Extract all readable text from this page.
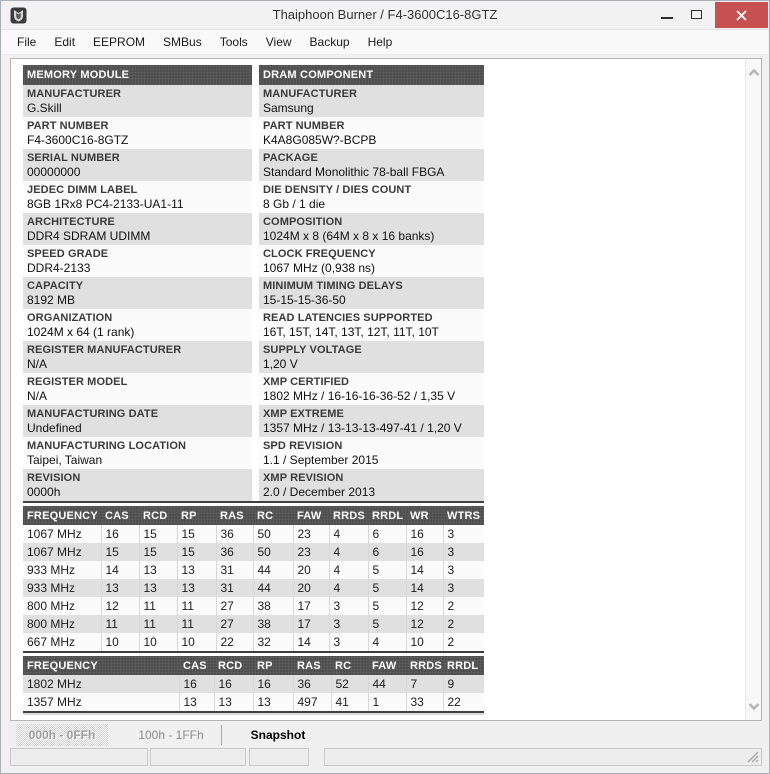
Thaiphoon Burner / F4-3600C16-8GTZ
File	Edit	EEPROM	SMBus	Tools	View	Backup	Help
MEMORY MODULE
MANUFACTURER
G.Skill
PART NUMBER
F4-3600C16-8GTZ
SERIAL NUMBER
00000000
JEDEC DIMM LABEL
8GB 1Rx8 PC4-2133-UA1-11
ARCHITECTURE
DDR4 SDRAM UDIMM
SPEED GRADE
DDR4-2133
CAPACITY
8192 MB
ORGANIZATION
1024M x 64 (1 rank)
REGISTER MANUFACTURER
N/A
REGISTER MODEL
N/A
MANUFACTURING DATE
Undefined
MANUFACTURING LOCATION
Taipei, Taiwan
REVISION
0000h
DRAM COMPONENT
MANUFACTURER
Samsung
PART NUMBER
K4A8G085W?-BCPB
PACKAGE
Standard Monolithic 78-ball FBGA
DIE DENSITY / DIES COUNT
8 Gb / 1 die
COMPOSITION
1024M x 8 (64M x 8 x 16 banks)
CLOCK FREQUENCY
1067 MHz (0,938 ns)
MINIMUM TIMING DELAYS
15-15-15-36-50
READ LATENCIES SUPPORTED
16T, 15T, 14T, 13T, 12T, 11T, 10T
SUPPLY VOLTAGE
1,20 V
XMP CERTIFIED
1802 MHz / 16-16-16-36-52 / 1,35 V
XMP EXTREME
1357 MHz / 13-13-13-497-41 / 1,20 V
SPD REVISION
1.1 / September 2015
XMP REVISION
2.0 / December 2013
FREQUENCY	CAS	RCD	RP	RAS	RC	FAW	RRDS	RRDL	WR	WTRS
1067 MHz	16	15	15	36	50	23	4	6	16	3
1067 MHz	15	15	15	36	50	23	4	6	16	3
933 MHz	14	13	13	31	44	20	4	5	14	3
933 MHz	13	13	13	31	44	20	4	5	14	3
800 MHz	12	11	11	27	38	17	3	5	12	2
800 MHz	11	11	11	27	38	17	3	5	12	2
667 MHz	10	10	10	22	32	14	3	4	10	2
FREQUENCY	CAS	RCD	RP	RAS	RC	FAW	RRDS	RRDL
1802 MHz	16	16	16	36	52	44	7	9
1357 MHz	13	13	13	497	41	1	33	22
000h - 0FFh	100h - 1FFh	Snapshot
